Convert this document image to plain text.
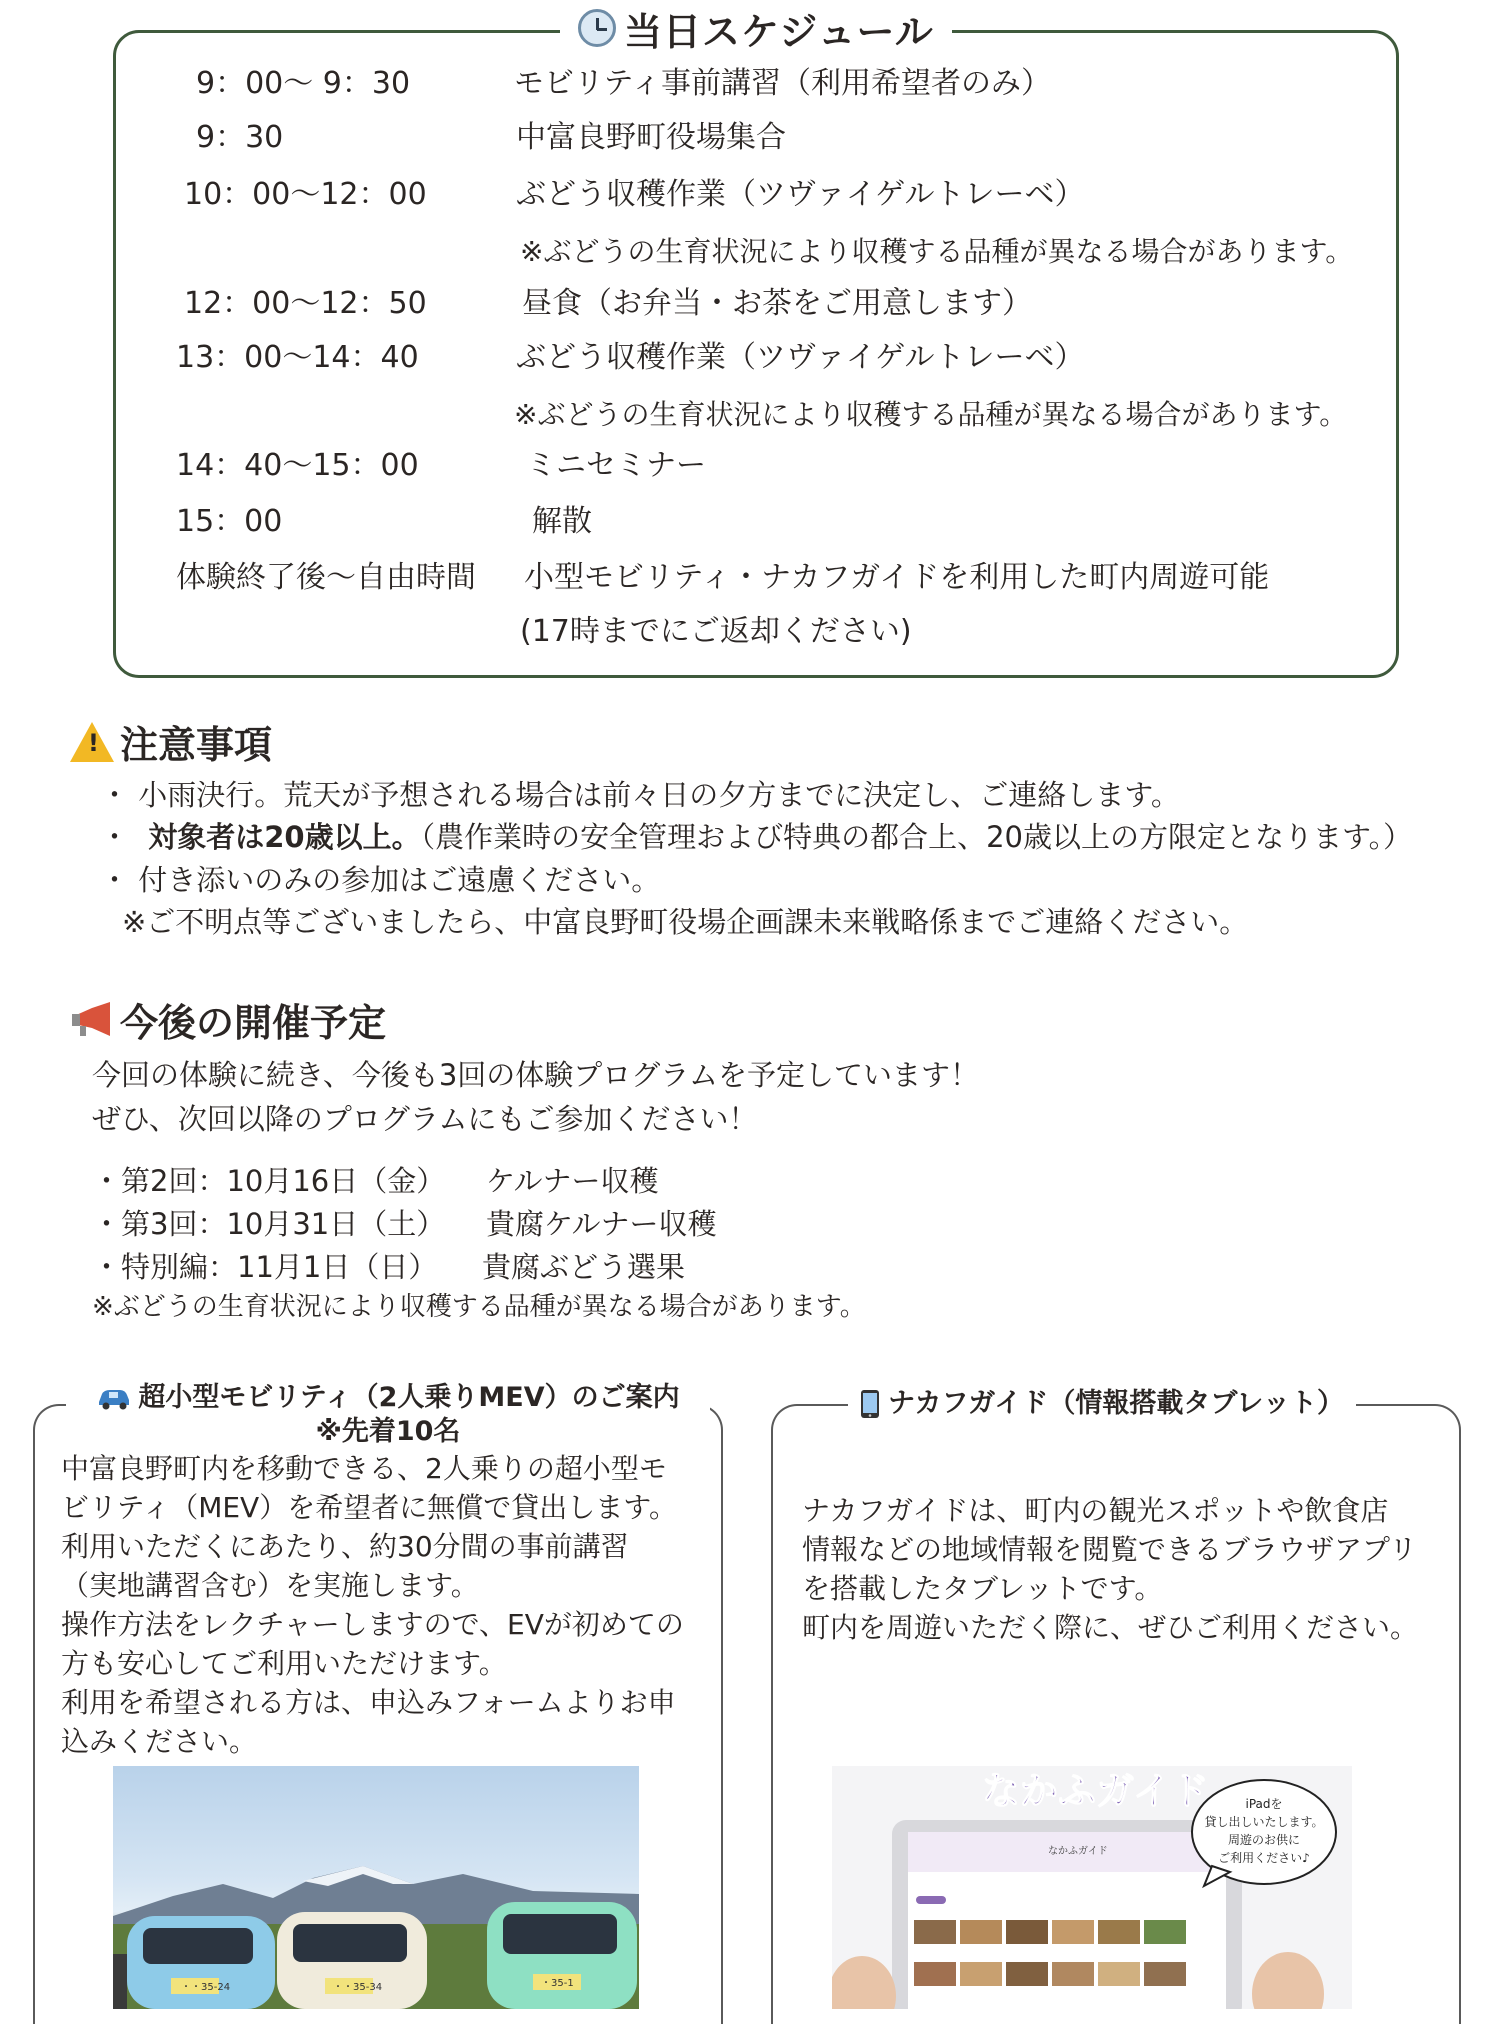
当日スケジュール
9：00〜 9：30	モビリティ事前講習（利用希望者のみ）
9：30	中富良野町役場集合
10：00〜12：00	ぶどう収穫作業（ツヴァイゲルトレーベ）
※ぶどうの生育状況により収穫する品種が異なる場合があります。
12：00〜12：50	昼食（お弁当・お茶をご用意します）
13：00〜14：40	ぶどう収穫作業（ツヴァイゲルトレーベ）
※ぶどうの生育状況により収穫する品種が異なる場合があります。
14：40〜15：00	ミニセミナー
15：00	解散
体験終了後〜自由時間 小型モビリティ・ナカフガイドを利用した町内周遊可能
(17時までにご返却ください)
! 注意事項
・ 小雨決行。荒天が予想される場合は前々日の夕方までに決定し、ご連絡します。
・ 対象者は20歳以上。（農作業時の安全管理および特典の都合上、20歳以上の方限定となります。）
・ 付き添いのみの参加はご遠慮ください。
※ご不明点等ございましたら、中富良野町役場企画課未来戦略係までご連絡ください。
今後の開催予定
今回の体験に続き、今後も3回の体験プログラムを予定しています！
ぜひ、次回以降のプログラムにもご参加ください！
・第2回：10月16日（金） ケルナー収穫
・第3回：10月31日（土） 貴腐ケルナー収穫
・特別編：11月1日（日） 貴腐ぶどう選果
※ぶどうの生育状況により収穫する品種が異なる場合があります。
超小型モビリティ（2人乗りMEV）のご案内
※先着10名
中富良野町内を移動できる、2人乗りの超小型モ
ビリティ（MEV）を希望者に無償で貸出します。
利用いただくにあたり、約30分間の事前講習
（実地講習含む）を実施します。
操作方法をレクチャーしますので、EVが初めての
方も安心してご利用いただけます。
利用を希望される方は、申込みフォームよりお申
込みください。
・・35-24	・・35-34	・35-1
ナカフガイド（情報搭載タブレット）
ナカフガイドは、町内の観光スポットや飲食店
情報などの地域情報を閲覧できるブラウザアプリ
を搭載したタブレットです。
町内を周遊いただく際に、ぜひご利用ください。
なかふガイド
なかふガイド	iPadを
貸し出しいたします。
周遊のお供に
ご利用ください♪
